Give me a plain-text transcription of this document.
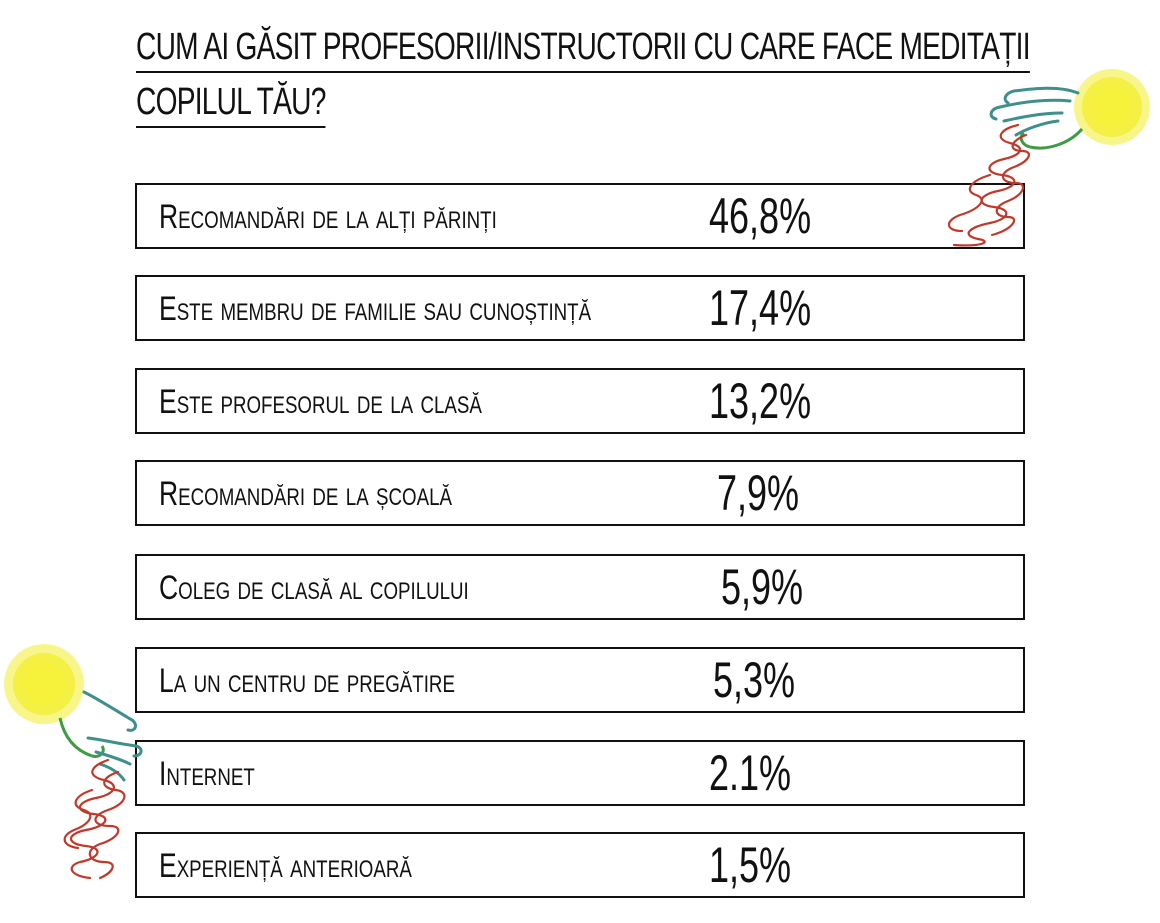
CUM AI GĂSIT PROFESORII/INSTRUCTORII CU CARE FACE MEDITAȚII
COPILUL TĂU?
Recomandări de la alți părinți	46,8%
Este membru de familie sau cunoștință 17,4%
Este profesorul de la clasă	13,2%
Recomandări de la școală	7,9%
Coleg de clasă al copilului	5,9%
La un centru de pregătire	5,3%
Internet	2.1%
Experiență anterioară	1,5%
